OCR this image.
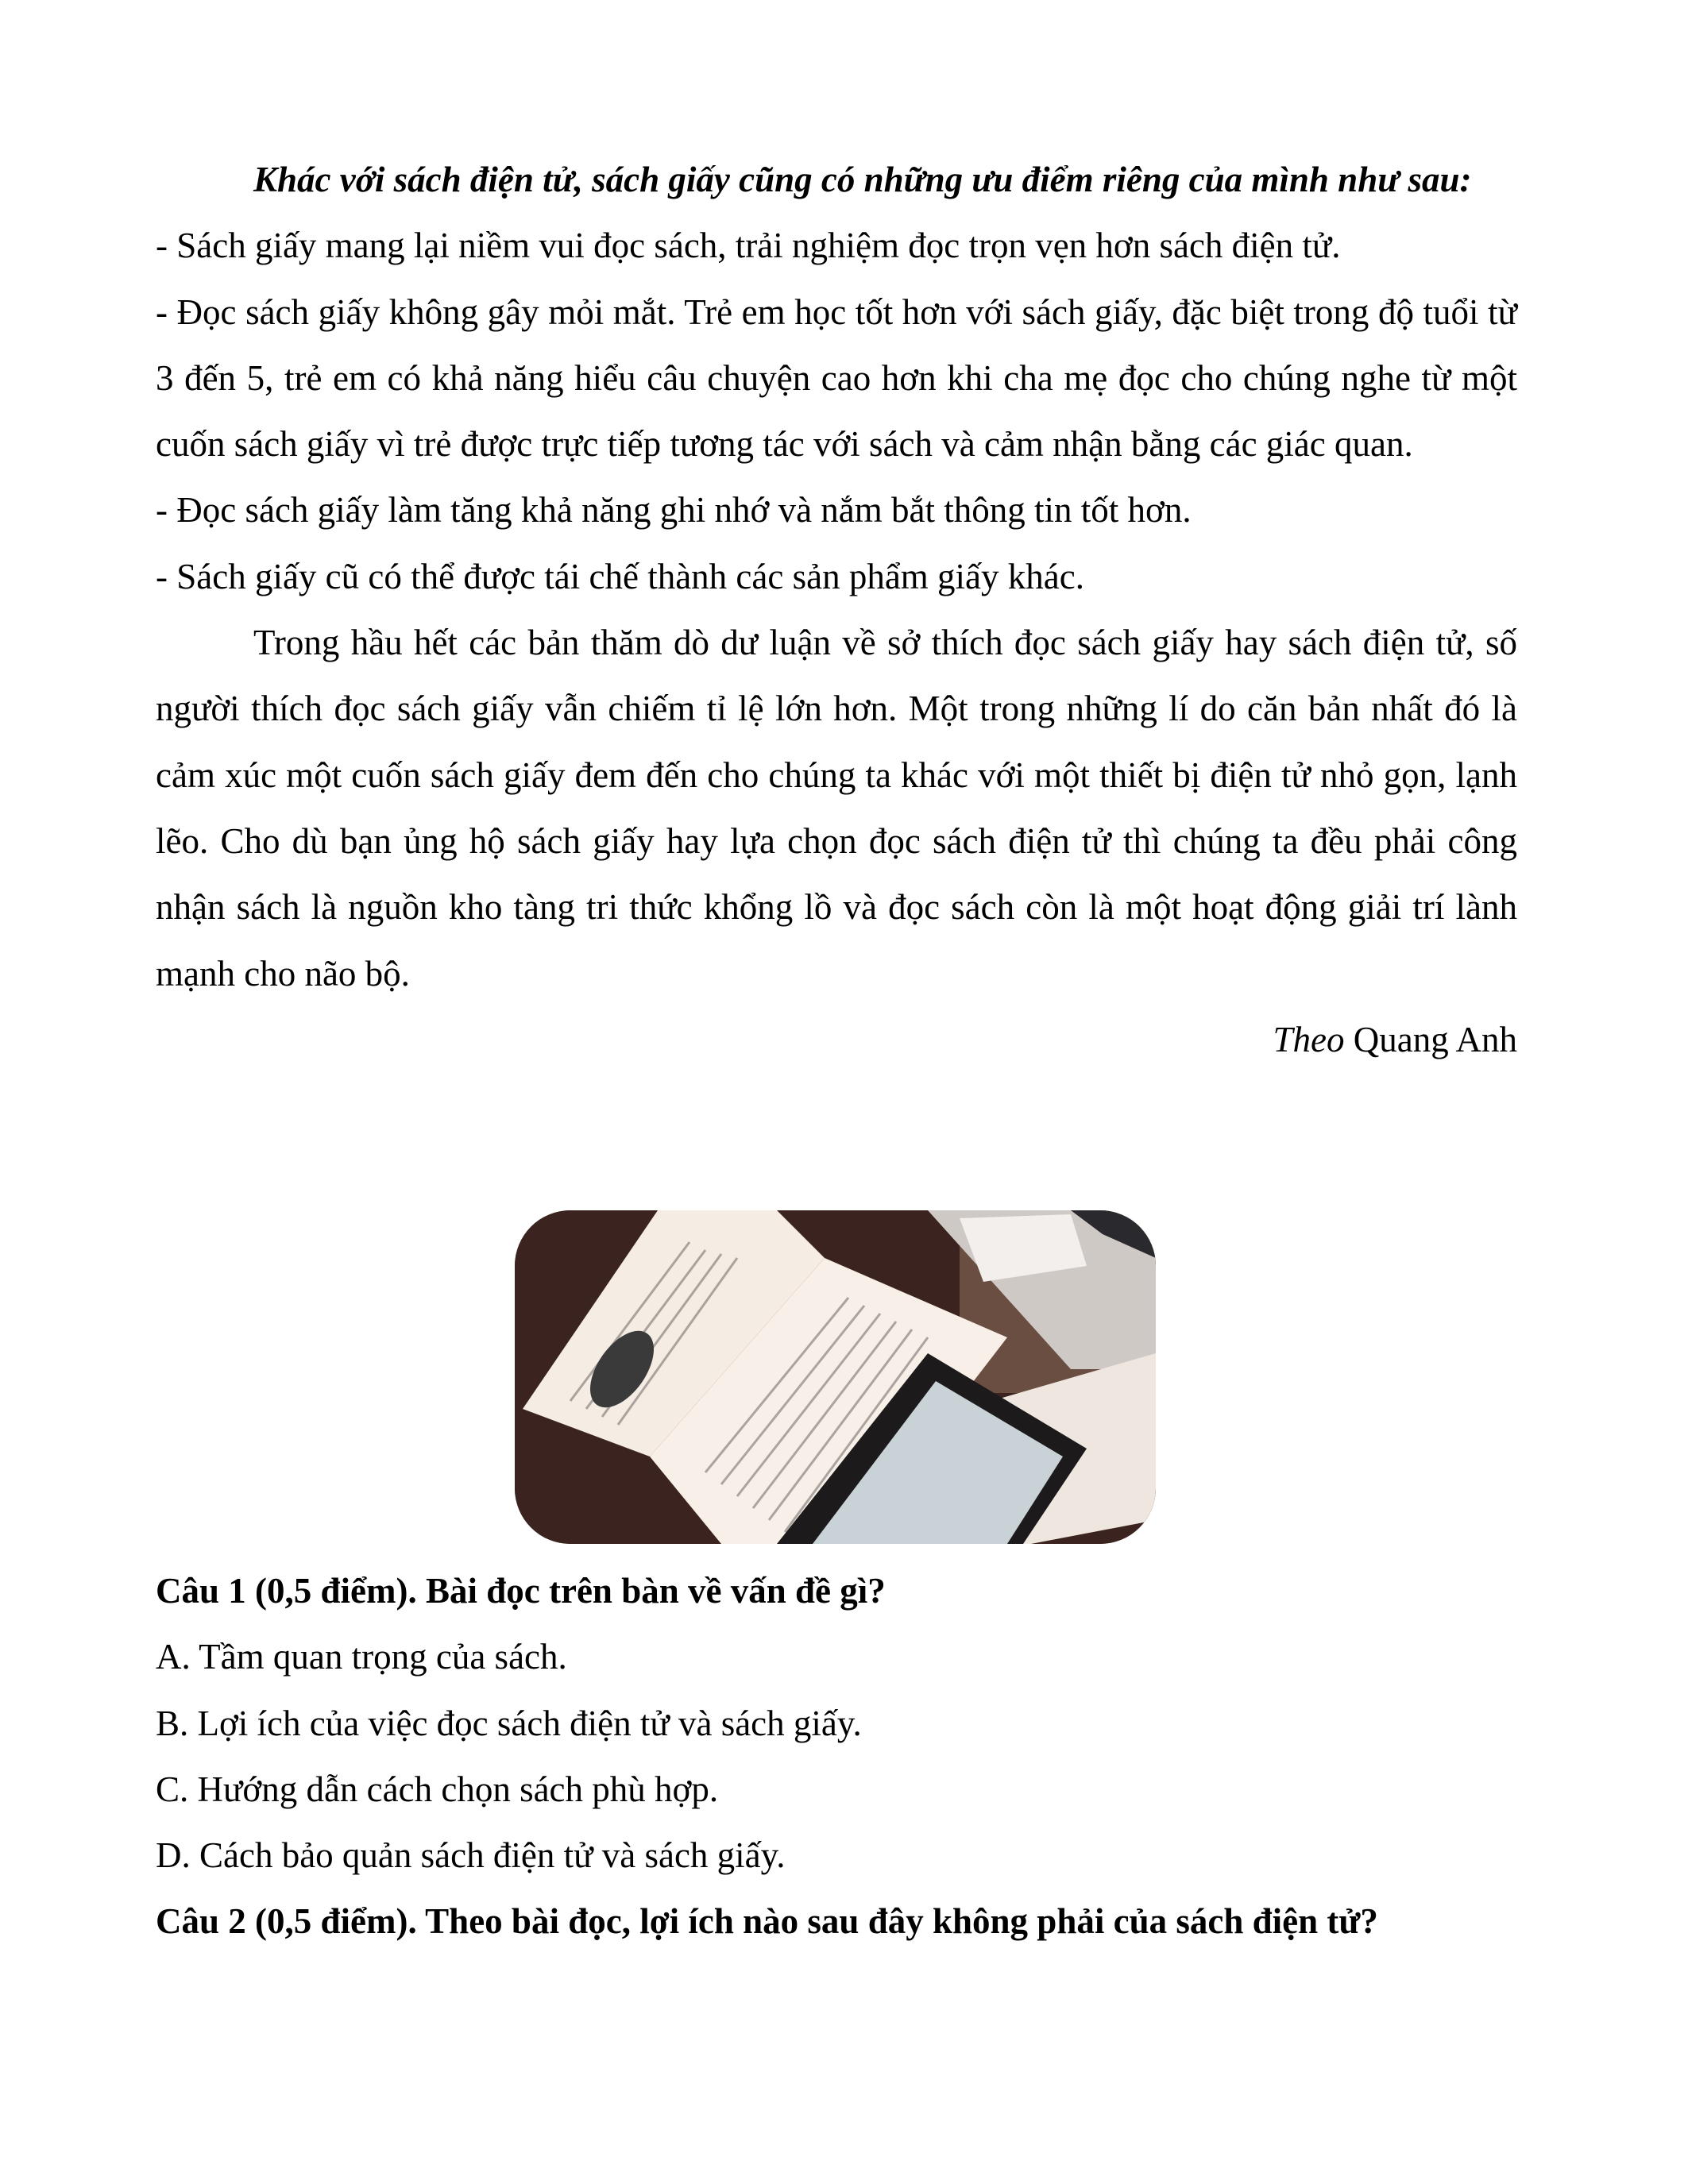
Khác với sách điện tử, sách giấy cũng có những ưu điểm riêng của mình như sau:

- Sách giấy mang lại niềm vui đọc sách, trải nghiệm đọc trọn vẹn hơn sách điện tử.

- Đọc sách giấy không gây mỏi mắt. Trẻ em học tốt hơn với sách giấy, đặc biệt trong độ tuổi từ 3 đến 5, trẻ em có khả năng hiểu câu chuyện cao hơn khi cha mẹ đọc cho chúng nghe từ một cuốn sách giấy vì trẻ được trực tiếp tương tác với sách và cảm nhận bằng các giác quan.

- Đọc sách giấy làm tăng khả năng ghi nhớ và nắm bắt thông tin tốt hơn.

- Sách giấy cũ có thể được tái chế thành các sản phẩm giấy khác.

Trong hầu hết các bản thăm dò dư luận về sở thích đọc sách giấy hay sách điện tử, số người thích đọc sách giấy vẫn chiếm tỉ lệ lớn hơn. Một trong những lí do căn bản nhất đó là cảm xúc một cuốn sách giấy đem đến cho chúng ta khác với một thiết bị điện tử nhỏ gọn, lạnh lẽo. Cho dù bạn ủng hộ sách giấy hay lựa chọn đọc sách điện tử thì chúng ta đều phải công nhận sách là nguồn kho tàng tri thức khổng lồ và đọc sách còn là một hoạt động giải trí lành mạnh cho não bộ.

Theo Quang Anh

Câu 1 (0,5 điểm). Bài đọc trên bàn về vấn đề gì?

A. Tầm quan trọng của sách.

B. Lợi ích của việc đọc sách điện tử và sách giấy.

C. Hướng dẫn cách chọn sách phù hợp.

D. Cách bảo quản sách điện tử và sách giấy.

Câu 2 (0,5 điểm). Theo bài đọc, lợi ích nào sau đây không phải của sách điện tử?
